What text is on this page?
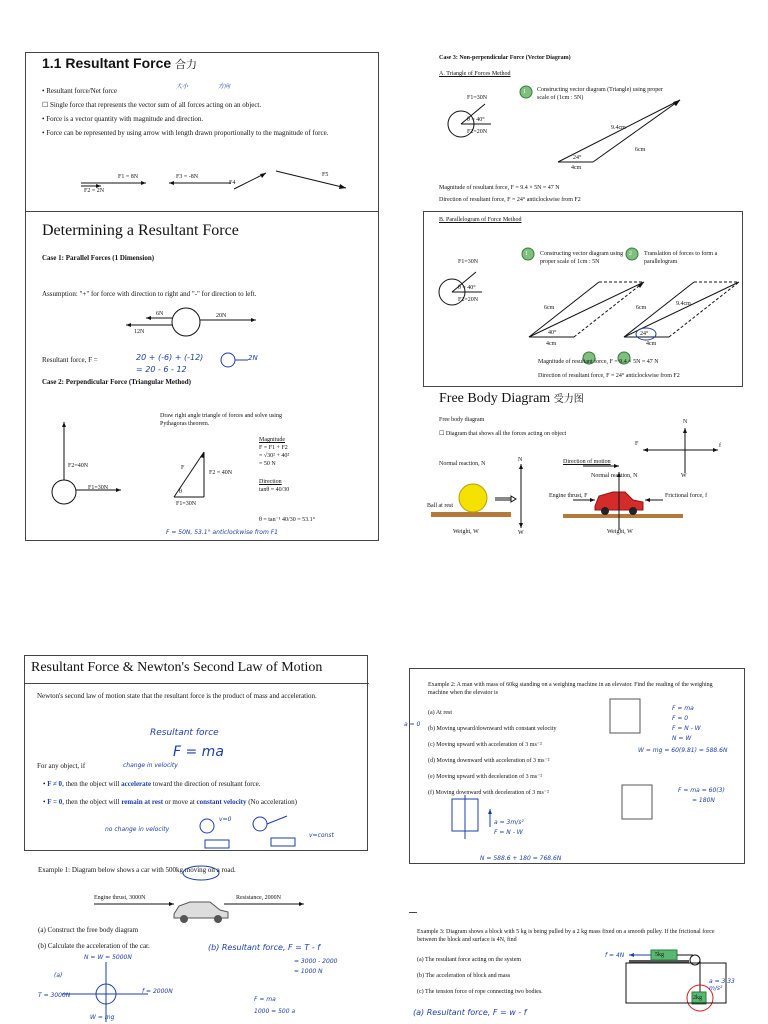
1.1 Resultant Force 合力
大小	方向
• Resultant force/Net force
☐ Single force that represents the vector sum of all forces acting on an object.
• Force is a vector quantity with magnitude and direction.
• Force can be represented by using arrow with length drawn proportionally to the magnitude of force.
F1 = 8N
F2 = 2N
F3 = -8N
F4
F5
Determining a Resultant Force
Case 1: Parallel Forces (1 Dimension)
Assumption: "+" for force with direction to right and "-" for direction to left.
6N	20N
12N
Resultant force, F =	20 + (-6) + (-12)
= 20 - 6 - 12
2N
Case 2: Perpendicular Force (Triangular Method)
Draw right angle triangle of forces and solve using Pythagoras theorem.
F2=40N
F1=30N
F
F2 = 40N
F1=30N
θ
Magnitude
F = F1 + F2
= √30² + 40²
= 50 N
Direction
tanθ = 40/30
θ = tan⁻¹ 40/30 = 53.1°
F = 50N, 53.1° anticlockwise from F1
Case 3: Non-perpendicular Force (Vector Diagram)
A. Triangle of Forces Method
F1=30N
θ = 40°
F2=20N
1 Constructing vector diagram (Triangle) using proper scale of (1cm : 5N)
9.4cm
6cm
24°
4cm
Magnitude of resultant force, F = 9.4 × 5N = 47 N
Direction of resultant force, F = 24° anticlockwise from F2
B. Parallelogram of Force Method
F1=30N
θ = 40°
F2=20N
1	2
Constructing vector diagram using proper scale of 1cm : 5N
Translation of forces to form a parallelogram
6cm	6cm
9.4cm
40°	24°
4cm	4cm
Magnitude of resultant force, F = 9.4 × 5N = 47 N
Direction of resultant force, F = 24° anticlockwise from F2
Free Body Diagram 受力图
Free body diagram
☐ Diagram that shows all the forces acting on object
N
F	f
W
Normal reaction, N
N
Ball at rest
Weight, W	W
Direction of motion
Normal reaction, N
Engine thrust, F	Frictional force, f
Weight, W
Resultant Force & Newton's Second Law of Motion
Newton's second law of motion state that the resultant force is the product of mass and acceleration.
Resultant force
F = ma
For any object, if	change in velocity
• F ≠ 0, then the object will accelerate toward the direction of resultant force.
• F = 0, then the object will remain at rest or move at constant velocity (No acceleration)
no change in velocity
v=0
v=const
Example 1: Diagram below shows a car with 500kg moving on a road.
Engine thrust, 3000N	Resistance, 2000N
(a) Construct the free body diagram
(b) Calculate the acceleration of the car.	(b) Resultant force, F = T - f
= 3000 - 2000
= 1000 N
N = W = 5000N
(a)
f = 2000N
T = 3000N
W = mg
F = ma
1000 = 500 a
Example 2: A man with mass of 60kg standing on a weighing machine in an elevator. Find the reading of the weighing machine when the elevator is
(a) At rest
(b) Moving upward/downward with constant velocity
(c) Moving upward with acceleration of 3 ms⁻²
(d) Moving downward with acceleration of 3 ms⁻²
(e) Moving upward with deceleration of 3 ms⁻²
(f) Moving downward with deceleration of 3 ms⁻²
a = 0
F = ma
F = 0
F = N - W
N = W
W = mg = 60(9.81) = 588.6N
F = ma = 60(3)
= 180N
a = 3m/s²
F = N - W
N = 588.6 + 180 = 768.6N
Example 3: Diagram shows a block with 5 kg is being pulled by a 2 kg mass fixed on a smooth pulley. If the frictional force between the block and surface is 4N, find
(a) The resultant force acting on the system
(b) The acceleration of block and mass
(c) The tension force of rope connecting two bodies.
(a) Resultant force, F = w - f
5kg
2kg
f = 4N
a = 3.33 m/s²
